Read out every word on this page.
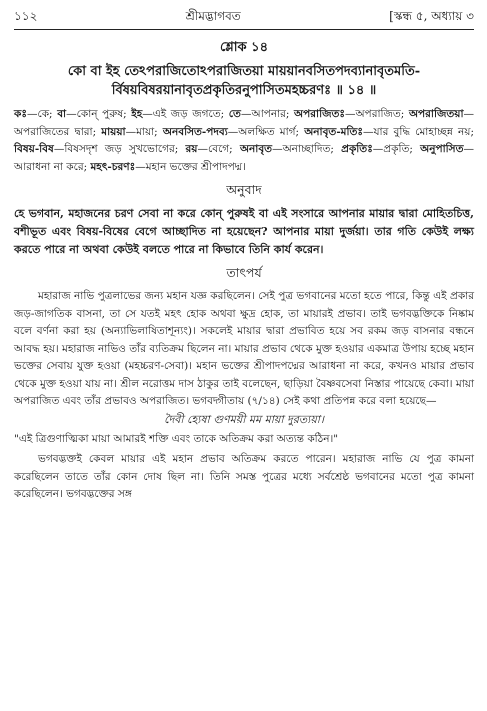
১১২	শ্রীমদ্ভাগবত	[স্কন্ধ ৫, অধ্যায় ৩
শ্লোক ১৪
কো বা ইহ তেঽপরাজিতোঽপরাজিতয়া মায়য়ানবসিতপদব্যানাবৃতমতি-
র্বিষয়বিষরয়ানাবৃতপ্রকৃতিরনুপাসিতমহচ্চরণঃ ॥ ১৪ ॥
কঃ—কে; বা—কোন্‌ পুরুষ; ইহ—এই জড় জগতে; তে—আপনার; অপরাজিতঃ—অপরাজিত; অপরাজিতয়া—অপরাজিতের দ্বারা; মায়য়া—মায়া; অনবসিত-পদব্য—অলক্ষিত মার্গ; অনাবৃত-মতিঃ—যার বুদ্ধি মোহাচ্ছন্ন নয়; বিষয়-বিষ—বিষসদৃশ জড় সুখভোগের; রয়—বেগে; অনাবৃত—অনাচ্ছাদিত; প্রকৃতিঃ—প্রকৃতি; অনুপাসিত—আরাধনা না করে; মহৎ-চরণঃ—মহান ভক্তের শ্রীপাদপদ্ম।
অনুবাদ
হে ভগবান, মহাজনের চরণ সেবা না করে কোন্‌ পুরুষই বা এই সংসারে আপনার মায়ার দ্বারা মোহিতচিত্ত, বশীভূত এবং বিষয়-বিষের বেগে আচ্ছাদিত না হয়েছেন? আপনার মায়া দুর্জয়া। তার গতি কেউই লক্ষ্য করতে পারে না অথবা কেউই বলতে পারে না কিভাবে তিনি কার্য করেন।
তাৎপর্য
মহারাজ নাভি পুত্রলাভের জন্য মহান যজ্ঞ করছিলেন। সেই পুত্র ভগবানের মতো হতে পারে, কিন্তু এই প্রকার জড়-জাগতিক বাসনা, তা সে যতই মহৎ হোক অথবা ক্ষুদ্র হোক, তা মায়ারই প্রভাব। তাই ভগবদ্ভক্তিকে নিষ্কাম বলে বর্ণনা করা হয় (অন্যাভিলাষিতাশূন্যং)। সকলেই মায়ার দ্বারা প্রভাবিত হয়ে সব রকম জড় বাসনার বন্ধনে আবদ্ধ হয়। মহারাজ নাভিও তাঁর ব্যতিক্রম ছিলেন না। মায়ার প্রভাব থেকে মুক্ত হওয়ার একমাত্র উপায় হচ্ছে মহান ভক্তের সেবায় যুক্ত হওয়া (মহচ্চরণ-সেবা)। মহান ভক্তের শ্রীপাদপদ্মের আরাধনা না করে, কখনও মায়ার প্রভাব থেকে মুক্ত হওয়া যায় না। শ্রীল নরোত্তম দাস ঠাকুর তাই বলেছেন, ছাড়িয়া বৈষ্ণবসেবা নিস্তার পায়েছে কেবা। মায়া অপরাজিত এবং তাঁর প্রভাবও অপরাজিত। ভগবদ্গীতায় (৭/১৪) সেই কথা প্রতিপন্ন করে বলা হয়েছে—
দৈবী হ্যেষা গুণময়ী মম মায়া দুরত্যয়া।
"এই ত্রিগুণাত্মিকা মায়া আমারই শক্তি এবং তাকে অতিক্রম করা অত্যন্ত কঠিন।"
ভগবদ্ভক্তই কেবল মায়ার এই মহান প্রভাব অতিক্রম করতে পারেন। মহারাজ নাভি যে পুত্র কামনা করেছিলেন তাতে তাঁর কোন দোষ ছিল না। তিনি সমস্ত পুত্রের মধ্যে সর্বশ্রেষ্ঠ ভগবানের মতো পুত্র কামনা করেছিলেন। ভগবদ্ভক্তের সঙ্গ
